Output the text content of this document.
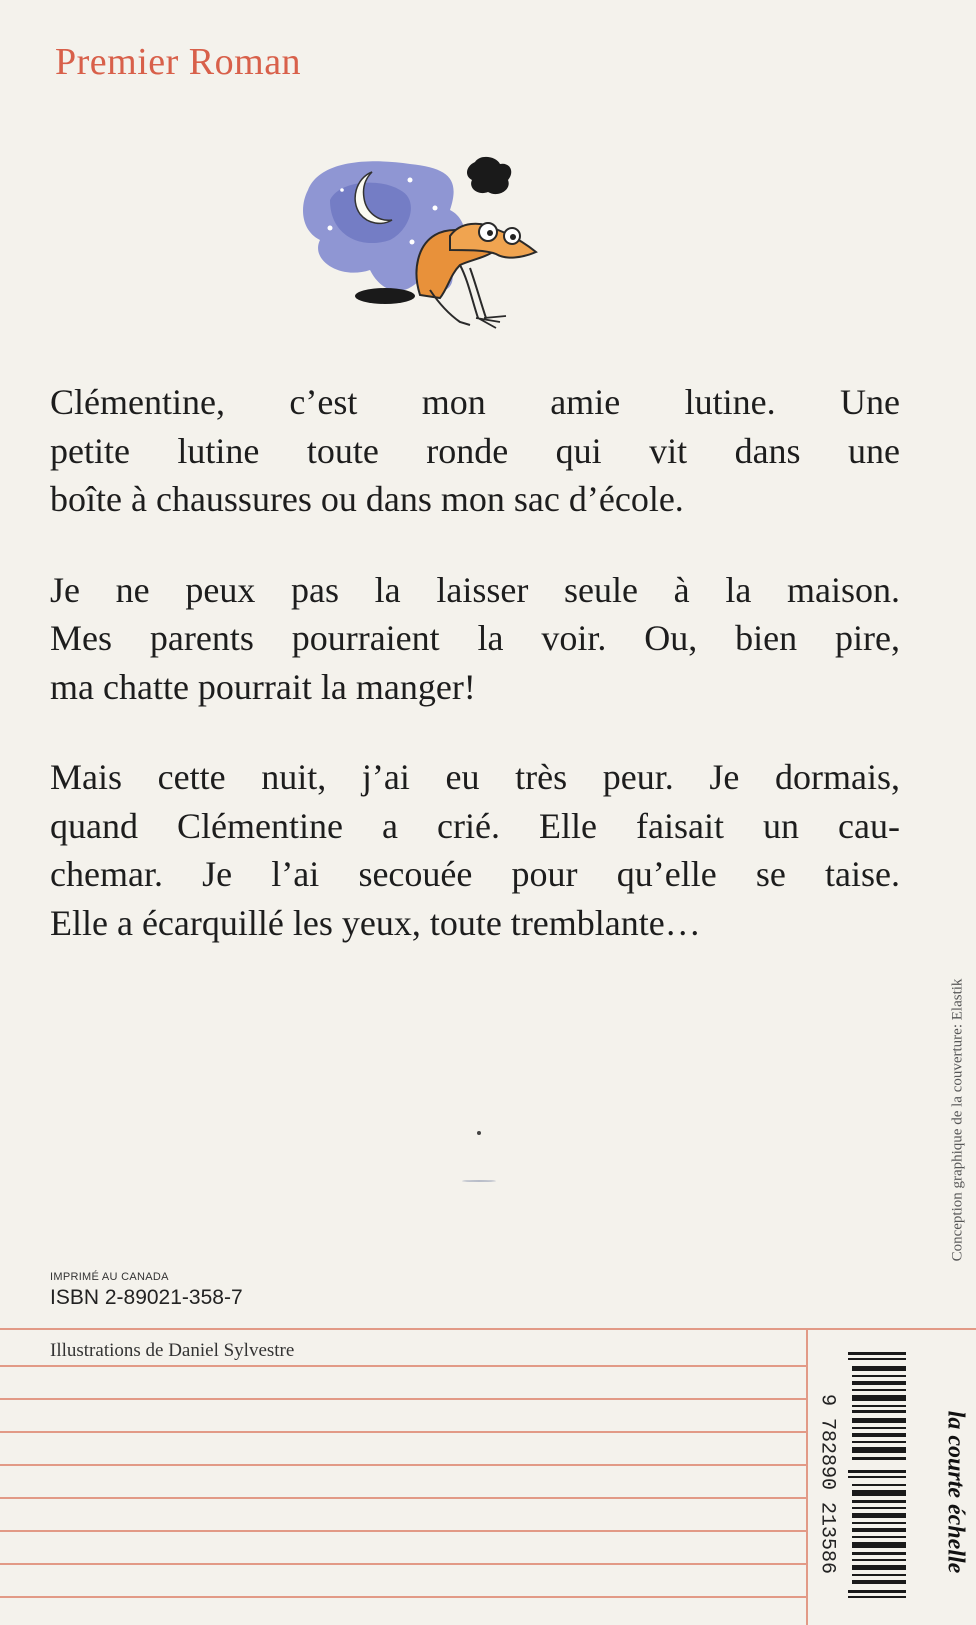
Premier Roman

Clémentine, c’est mon amie lutine. Une
petite lutine toute ronde qui vit dans une
boîte à chaussures ou dans mon sac d’école.

Je ne peux pas la laisser seule à la maison.
Mes parents pourraient la voir. Ou, bien pire,
ma chatte pourrait la manger!

Mais cette nuit, j’ai eu très peur. Je dormais,
quand Clémentine a crié. Elle faisait un cau-
chemar. Je l’ai secouée pour qu’elle se taise.
Elle a écarquillé les yeux, toute tremblante…

IMPRIMÉ AU CANADA
ISBN 2-89021-358-7
Conception graphique de la couverture: Elastik
Illustrations de Daniel Sylvestre
9 782890 213586	la courte échelle
